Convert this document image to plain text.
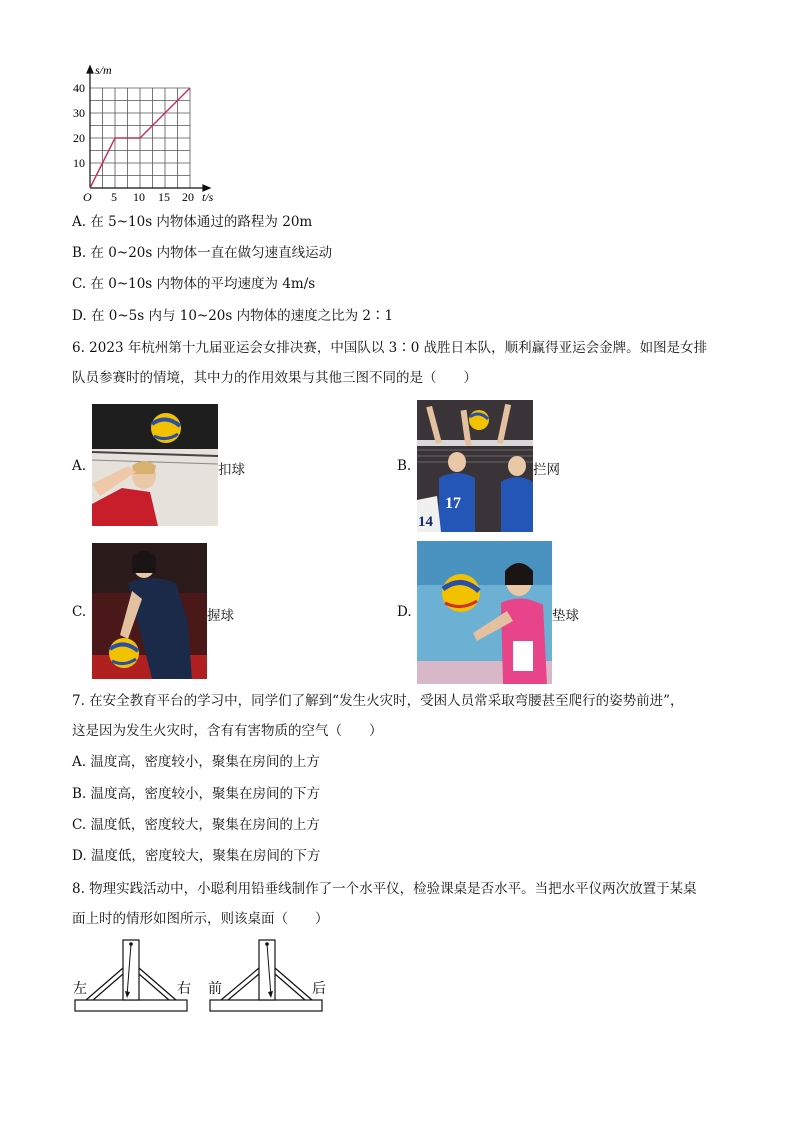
s/m
40
30
20
10
O 5 10 15 20 t/s
A. 在 5~10s 内物体通过的路程为 20m
B. 在 0~20s 内物体一直在做匀速直线运动
C. 在 0~10s 内物体的平均速度为 4m/s
D. 在 0~5s 内与 10~20s 内物体的速度之比为 2∶1
6. 2023 年杭州第十九届亚运会女排决赛，中国队以 3∶0 战胜日本队，顺利赢得亚运会金牌。如图是女排
队员参赛时的情境，其中力的作用效果与其他三图不同的是（　　）
A.	扣球	B.
17
14
拦网
C.	握球	D.	垫球
7. 在安全教育平台的学习中，同学们了解到“发生火灾时，受困人员常采取弯腰甚至爬行的姿势前进”，
这是因为发生火灾时，含有有害物质的空气（　　）
A. 温度高，密度较小，聚集在房间的上方
B. 温度高，密度较小，聚集在房间的下方
C. 温度低，密度较大，聚集在房间的上方
D. 温度低，密度较大，聚集在房间的下方
8. 物理实践活动中，小聪利用铅垂线制作了一个水平仪，检验课桌是否水平。当把水平仪两次放置于某桌
面上时的情形如图所示，则该桌面（　　）
左	右 前	后
